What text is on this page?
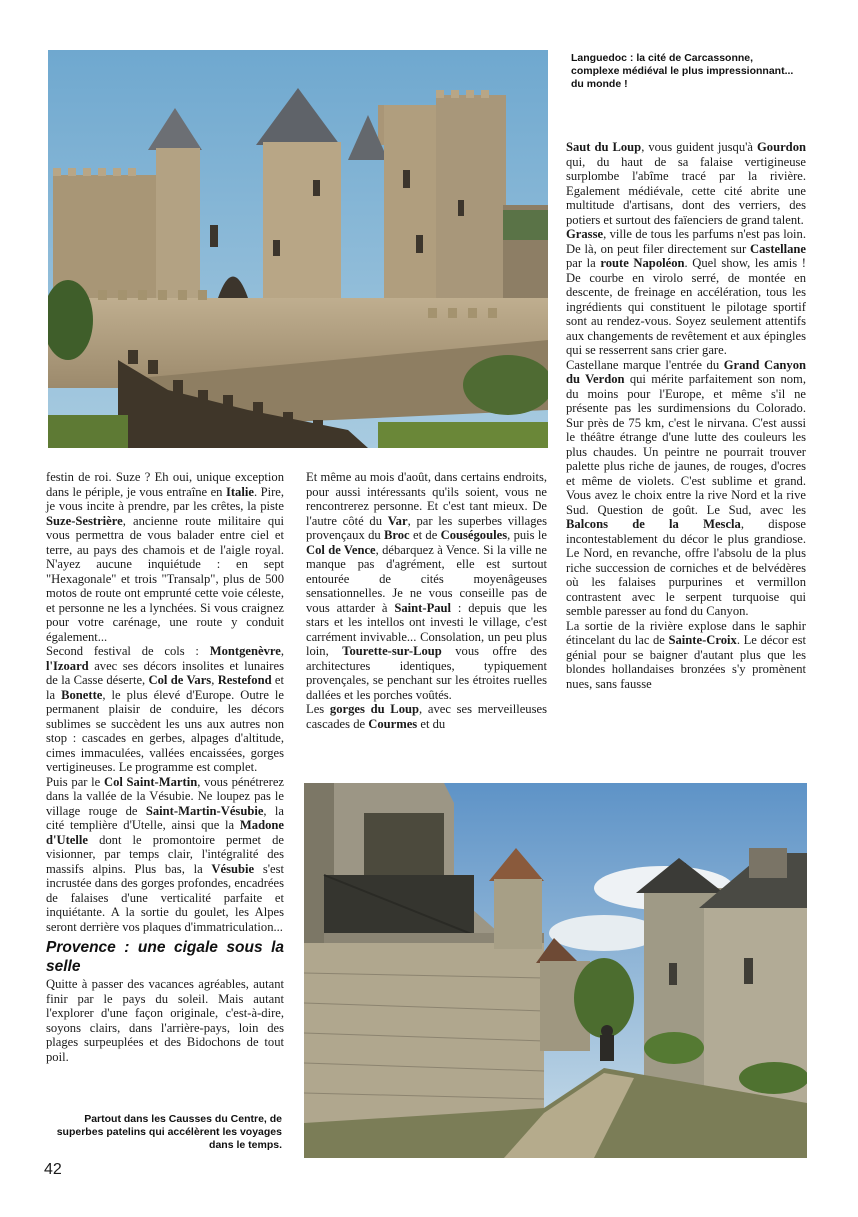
Languedoc : la cité de Carcassonne, complexe médiéval le plus impressionnant... du monde !

festin de roi. Suze ? Eh oui, unique exception dans le périple, je vous entraîne en Italie. Pire, je vous incite à prendre, par les crêtes, la piste Suze-Sestrière, ancienne route militaire qui vous permettra de vous balader entre ciel et terre, au pays des chamois et de l'aigle royal. N'ayez aucune inquiétude : en sept "Hexagonale" et trois "Transalp", plus de 500 motos de route ont emprunté cette voie céleste, et personne ne les a lynchées. Si vous craignez pour votre carénage, une route y conduit également...

Second festival de cols : Montgenèvre, l'Izoard avec ses décors insolites et lunaires de la Casse déserte, Col de Vars, Restefond et la Bonette, le plus élevé d'Europe. Outre le permanent plaisir de conduire, les décors sublimes se succèdent les uns aux autres non stop : cascades en gerbes, alpages d'altitude, cimes immaculées, vallées encaissées, gorges vertigineuses. Le programme est complet.

Puis par le Col Saint-Martin, vous pénétrerez dans la vallée de la Vésubie. Ne loupez pas le village rouge de Saint-Martin-Vésubie, la cité templière d'Utelle, ainsi que la Madone d'Utelle dont le promontoire permet de visionner, par temps clair, l'intégralité des massifs alpins. Plus bas, la Vésubie s'est incrustée dans des gorges profondes, encadrées de falaises d'une verticalité parfaite et inquiétante. A la sortie du goulet, les Alpes seront derrière vos plaques d'immatriculation...

Provence : une cigale sous la selle

Quitte à passer des vacances agréables, autant finir par le pays du soleil. Mais autant l'explorer d'une façon originale, c'est-à-dire, soyons clairs, dans l'arrière-pays, loin des plages surpeuplées et des Bidochons de tout poil.

Partout dans les Causses du Centre, de superbes patelins qui accélèrent les voyages dans le temps.

Et même au mois d'août, dans certains endroits, pour aussi intéressants qu'ils soient, vous ne rencontrerez personne. Et c'est tant mieux. De l'autre côté du Var, par les superbes villages provençaux du Broc et de Couségoules, puis le Col de Vence, débarquez à Vence. Si la ville ne manque pas d'agrément, elle est surtout entourée de cités moyenâgeuses sensationnelles. Je ne vous conseille pas de vous attarder à Saint-Paul : depuis que les stars et les intellos ont investi le village, c'est carrément invivable... Consolation, un peu plus loin, Tourette-sur-Loup vous offre des architectures identiques, typiquement provençales, se penchant sur les étroites ruelles dallées et les porches voûtés.

Les gorges du Loup, avec ses merveilleuses cascades de Courmes et du

Saut du Loup, vous guident jusqu'à Gourdon qui, du haut de sa falaise vertigineuse surplombe l'abîme tracé par la rivière. Egalement médiévale, cette cité abrite une multitude d'artisans, dont des verriers, des potiers et surtout des faïenciers de grand talent.

Grasse, ville de tous les parfums n'est pas loin. De là, on peut filer directement sur Castellane par la route Napoléon. Quel show, les amis ! De courbe en virolo serré, de montée en descente, de freinage en accélération, tous les ingrédients qui constituent le pilotage sportif sont au rendez-vous. Soyez seulement attentifs aux changements de revêtement et aux épingles qui se resserrent sans crier gare.

Castellane marque l'entrée du Grand Canyon du Verdon qui mérite parfaitement son nom, du moins pour l'Europe, et même s'il ne présente pas les surdimensions du Colorado. Sur près de 75 km, c'est le nirvana. C'est aussi le théâtre étrange d'une lutte des couleurs les plus chaudes. Un peintre ne pourrait trouver palette plus riche de jaunes, de rouges, d'ocres et même de violets. C'est sublime et grand. Vous avez le choix entre la rive Nord et la rive Sud. Question de goût. Le Sud, avec les Balcons de la Mescla, dispose incontestablement du décor le plus grandiose. Le Nord, en revanche, offre l'absolu de la plus riche succession de corniches et de belvédères où les falaises purpurines et vermillon contrastent avec le serpent turquoise qui semble paresser au fond du Canyon.

La sortie de la rivière explose dans le saphir étincelant du lac de Sainte-Croix. Le décor est génial pour se baigner d'autant plus que les blondes hollandaises bronzées s'y promènent nues, sans fausse

42
